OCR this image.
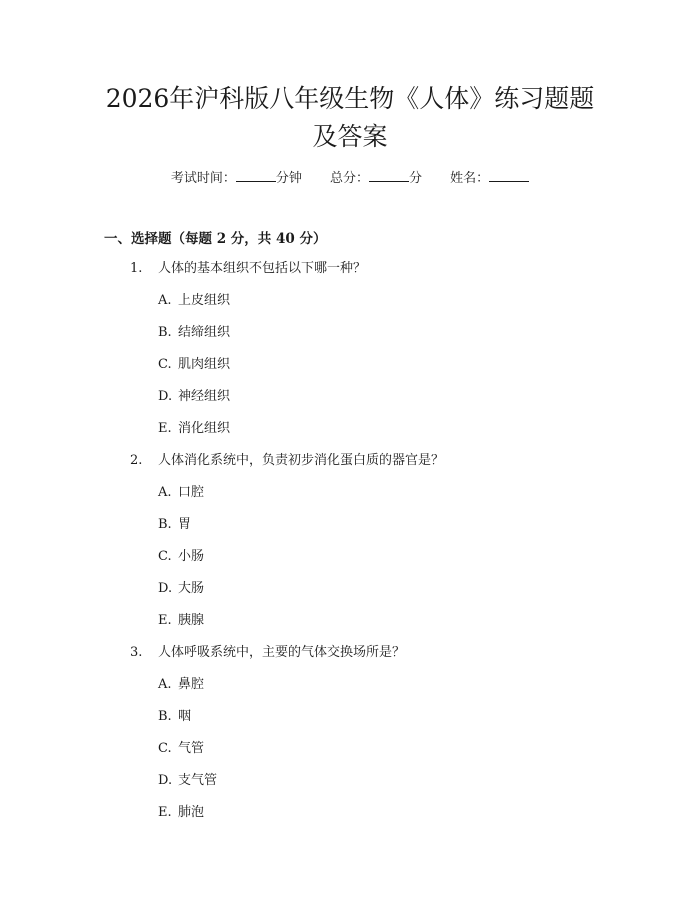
2026年沪科版八年级生物《人体》练习题题
及答案
考试时间：	分钟 总分：	分 姓名：
一、选择题（每题 2 分，共 40 分）
1. 人体的基本组织不包括以下哪一种？
A. 上皮组织
B. 结缔组织
C. 肌肉组织
D. 神经组织
E. 消化组织
2. 人体消化系统中，负责初步消化蛋白质的器官是？
A. 口腔
B. 胃
C. 小肠
D. 大肠
E. 胰腺
3. 人体呼吸系统中，主要的气体交换场所是？
A. 鼻腔
B. 咽
C. 气管
D. 支气管
E. 肺泡
